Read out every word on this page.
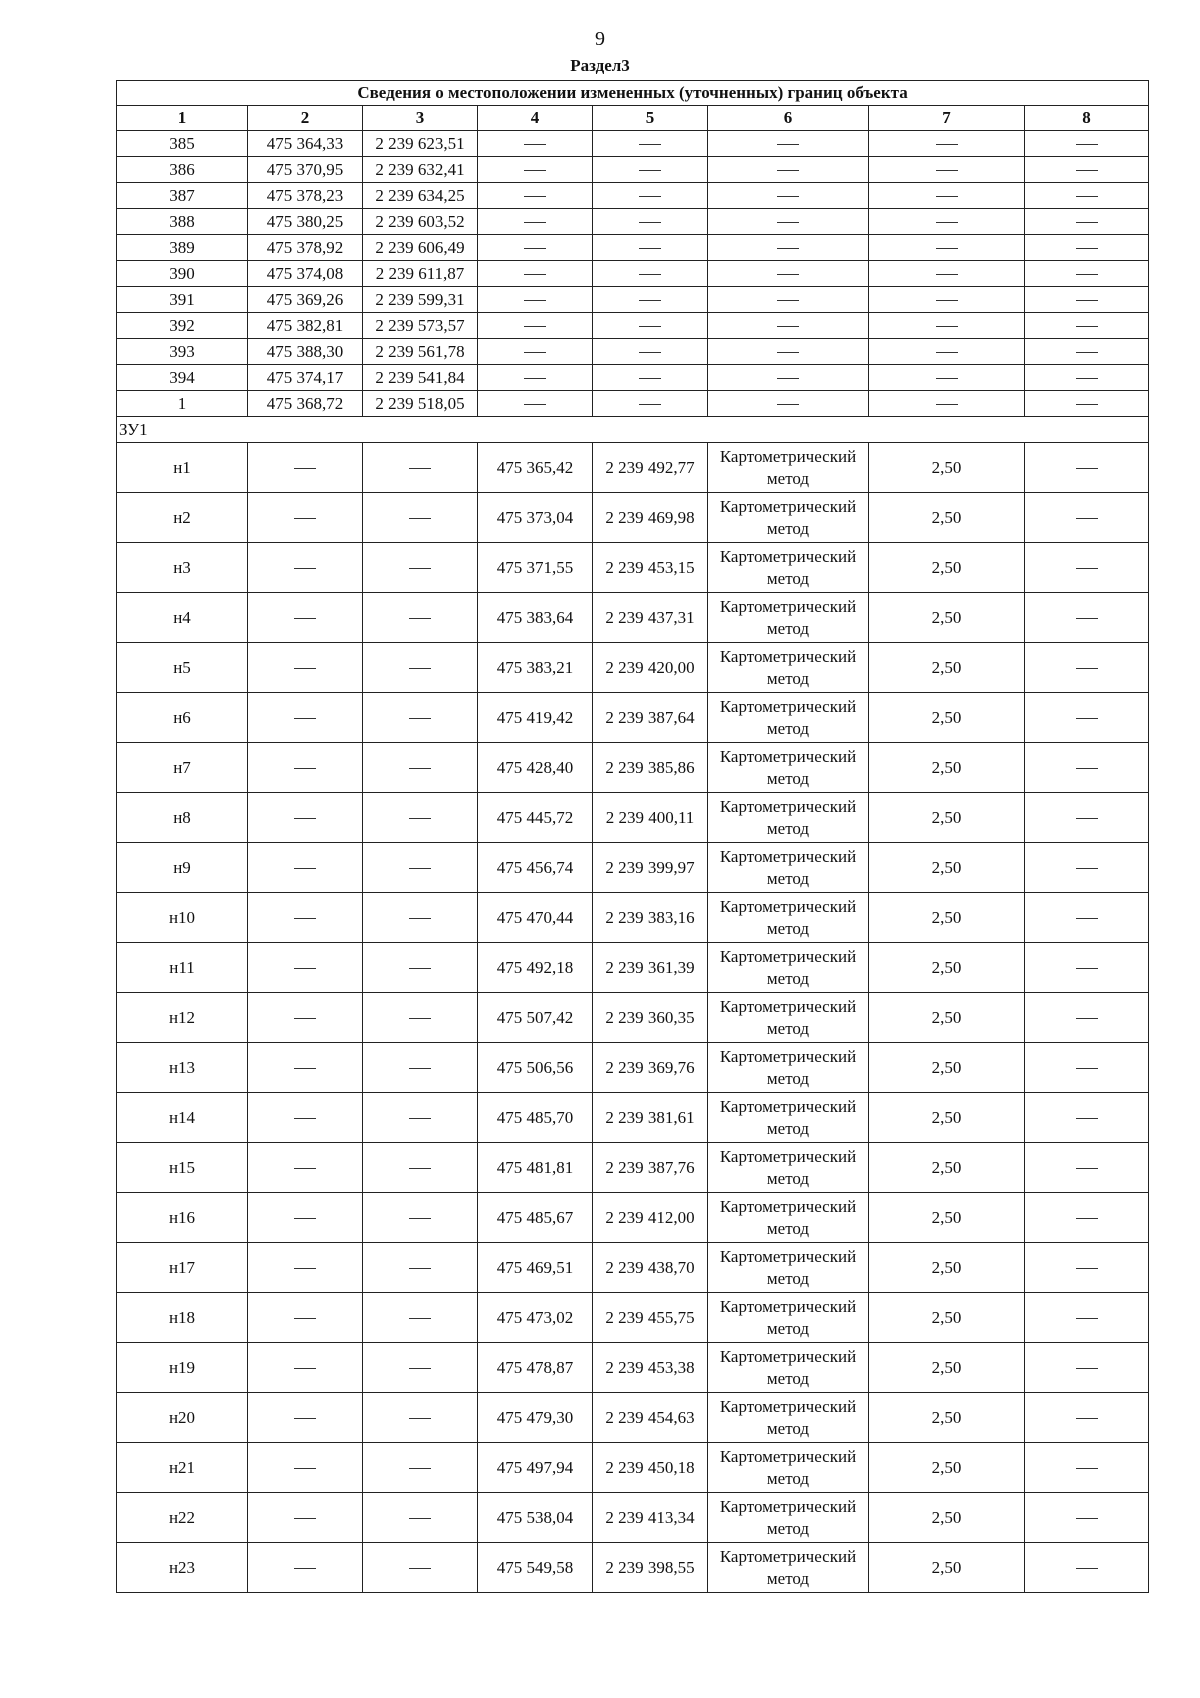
9
Раздел3
Сведения о местоположении измененных (уточненных) границ объекта							
1	2	3	4	5	6	7	8
385	475 364,33	2 239 623,51					
386	475 370,95	2 239 632,41					
387	475 378,23	2 239 634,25					
388	475 380,25	2 239 603,52					
389	475 378,92	2 239 606,49					
390	475 374,08	2 239 611,87					
391	475 369,26	2 239 599,31					
392	475 382,81	2 239 573,57					
393	475 388,30	2 239 561,78					
394	475 374,17	2 239 541,84					
1	475 368,72	2 239 518,05					
ЗУ1							
н1			475 365,42	2 239 492,77	Картометрический метод	2,50	
н2			475 373,04	2 239 469,98	Картометрический метод	2,50	
н3			475 371,55	2 239 453,15	Картометрический метод	2,50	
н4			475 383,64	2 239 437,31	Картометрический метод	2,50	
н5			475 383,21	2 239 420,00	Картометрический метод	2,50	
н6			475 419,42	2 239 387,64	Картометрический метод	2,50	
н7			475 428,40	2 239 385,86	Картометрический метод	2,50	
н8			475 445,72	2 239 400,11	Картометрический метод	2,50	
н9			475 456,74	2 239 399,97	Картометрический метод	2,50	
н10			475 470,44	2 239 383,16	Картометрический метод	2,50	
н11			475 492,18	2 239 361,39	Картометрический метод	2,50	
н12			475 507,42	2 239 360,35	Картометрический метод	2,50	
н13			475 506,56	2 239 369,76	Картометрический метод	2,50	
н14			475 485,70	2 239 381,61	Картометрический метод	2,50	
н15			475 481,81	2 239 387,76	Картометрический метод	2,50	
н16			475 485,67	2 239 412,00	Картометрический метод	2,50	
н17			475 469,51	2 239 438,70	Картометрический метод	2,50	
н18			475 473,02	2 239 455,75	Картометрический метод	2,50	
н19			475 478,87	2 239 453,38	Картометрический метод	2,50	
н20			475 479,30	2 239 454,63	Картометрический метод	2,50	
н21			475 497,94	2 239 450,18	Картометрический метод	2,50	
н22			475 538,04	2 239 413,34	Картометрический метод	2,50	
н23			475 549,58	2 239 398,55	Картометрический метод	2,50	
